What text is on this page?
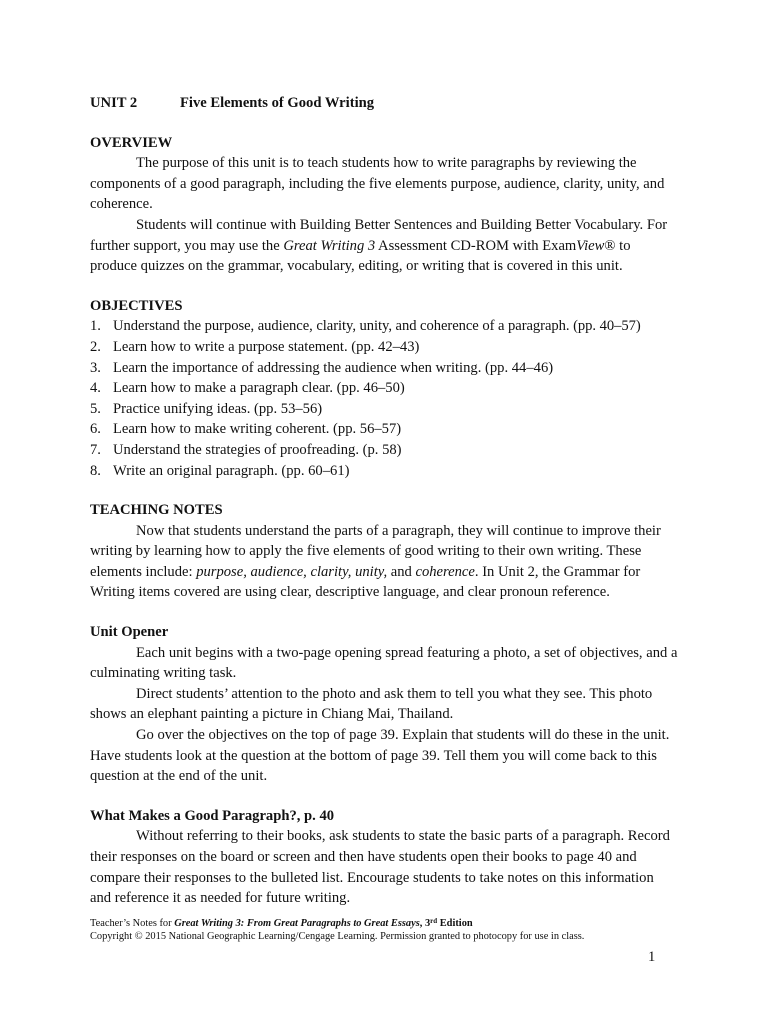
UNIT 2	Five Elements of Good Writing
OVERVIEW

The purpose of this unit is to teach students how to write paragraphs by reviewing the components of a good paragraph, including the five elements purpose, audience, clarity, unity, and coherence.

Students will continue with Building Better Sentences and Building Better Vocabulary. For further support, you may use the Great Writing 3 Assessment CD-ROM with ExamView® to produce quizzes on the grammar, vocabulary, editing, or writing that is covered in this unit.

OBJECTIVES
1. Understand the purpose, audience, clarity, unity, and coherence of a paragraph. (pp. 40–57)
2. Learn how to write a purpose statement. (pp. 42–43)
3. Learn the importance of addressing the audience when writing. (pp. 44–46)
4. Learn how to make a paragraph clear. (pp. 46–50)
5. Practice unifying ideas. (pp. 53–56)
6. Learn how to make writing coherent. (pp. 56–57)
7. Understand the strategies of proofreading. (p. 58)
8. Write an original paragraph. (pp. 60–61)
TEACHING NOTES

Now that students understand the parts of a paragraph, they will continue to improve their writing by learning how to apply the five elements of good writing to their own writing. These elements include: purpose, audience, clarity, unity, and coherence. In Unit 2, the Grammar for Writing items covered are using clear, descriptive language, and clear pronoun reference.

Unit Opener

Each unit begins with a two-page opening spread featuring a photo, a set of objectives, and a culminating writing task.

Direct students’ attention to the photo and ask them to tell you what they see. This photo shows an elephant painting a picture in Chiang Mai, Thailand.

Go over the objectives on the top of page 39. Explain that students will do these in the unit. Have students look at the question at the bottom of page 39. Tell them you will come back to this question at the end of the unit.

What Makes a Good Paragraph?, p. 40

Without referring to their books, ask students to state the basic parts of a paragraph. Record their responses on the board or screen and then have students open their books to page 40 and compare their responses to the bulleted list. Encourage students to take notes on this information and reference it as needed for future writing.

Teacher’s Notes for Great Writing 3: From Great Paragraphs to Great Essays, 3rd Edition
Copyright © 2015 National Geographic Learning/Cengage Learning. Permission granted to photocopy for use in class.
1
